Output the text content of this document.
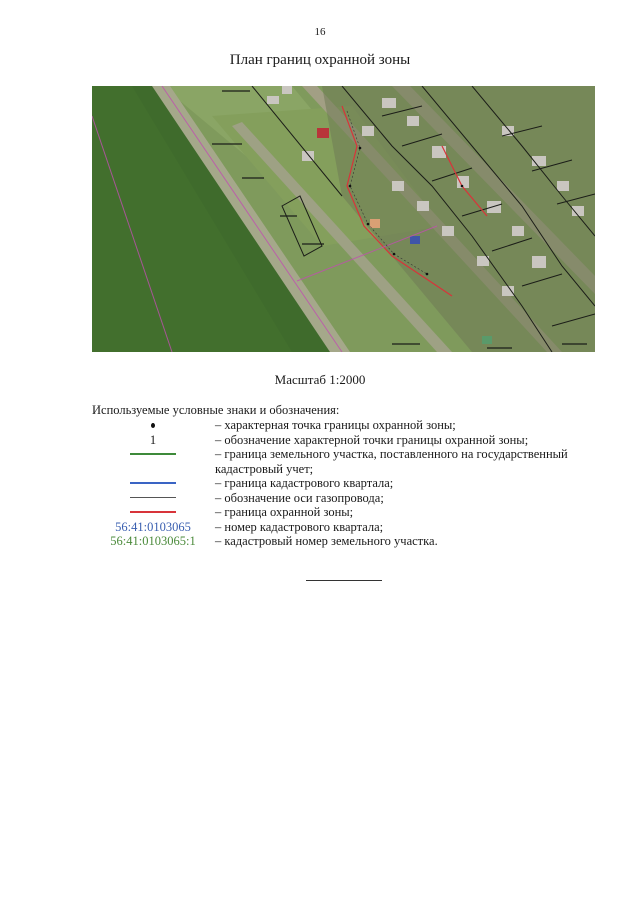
16
План границ охранной зоны
Масштаб 1:2000
Используемые условные знаки и обозначения:
– характерная точка границы охранной зоны;
1	– обозначение характерной точки границы охранной зоны;
– граница земельного участка, поставленного на государственный кадастровый учет;
– граница кадастрового квартала;
– обозначение оси газопровода;
– граница охранной зоны;
56:41:0103065 – номер кадастрового квартала;
56:41:0103065:1 – кадастровый номер земельного участка.
